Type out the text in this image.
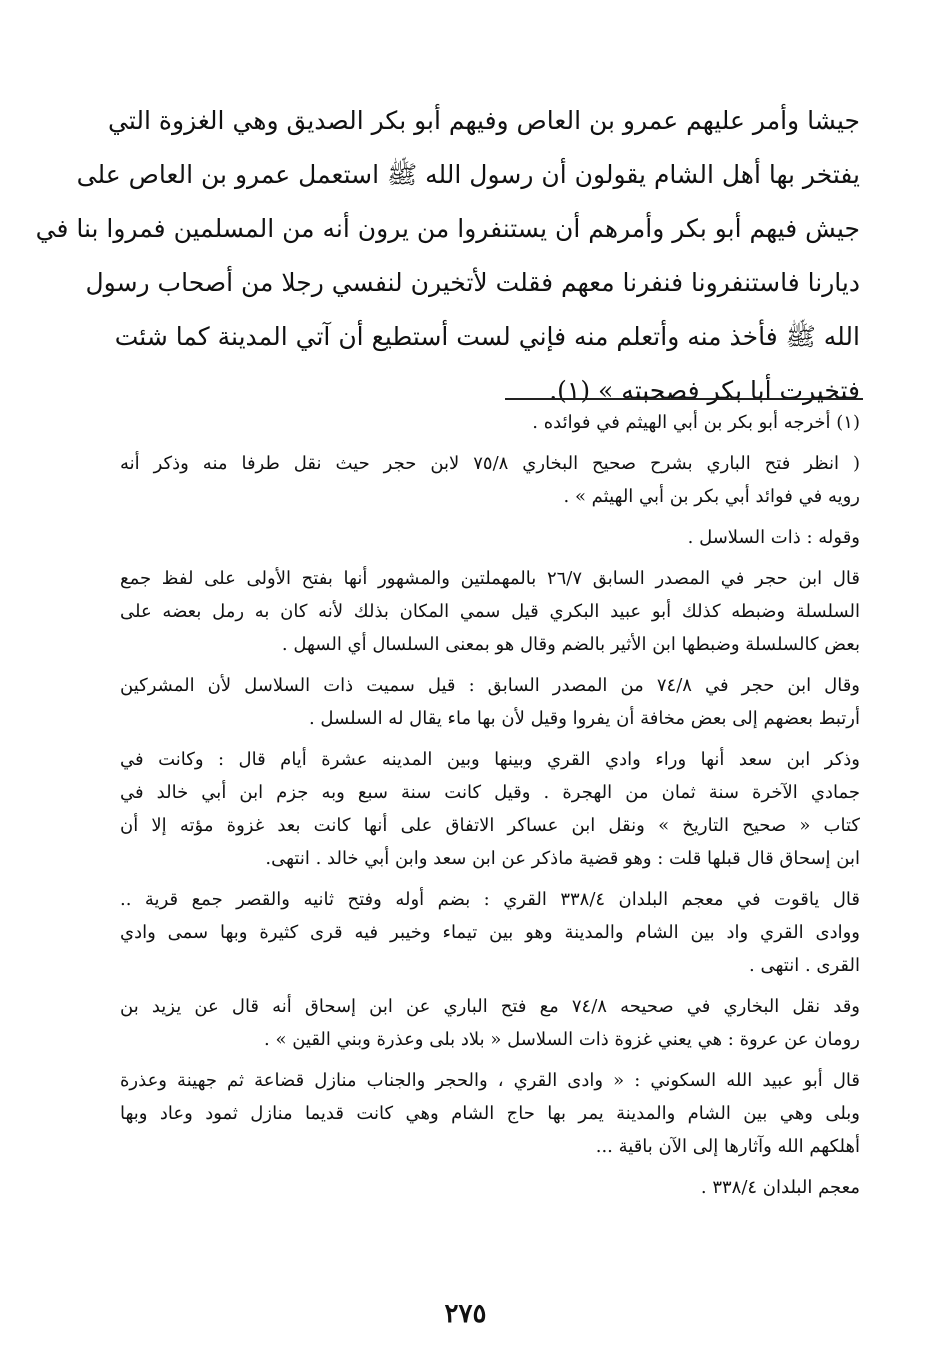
جيشا وأمر عليهم عمرو بن العاص وفيهم أبو بكر الصديق وهي الغزوة التي
يفتخر بها أهل الشام يقولون أن رسول الله ﷺ استعمل عمرو بن العاص على
جيش فيهم أبو بكر وأمرهم أن يستنفروا من يرون أنه من المسلمين فمروا بنا في
ديارنا فاستنفرونا فنفرنا معهم فقلت لأتخيرن لنفسي رجلا من أصحاب رسول
الله ﷺ فأخذ منه وأتعلم منه فإني لست أستطيع أن آتي المدينة كما شئت
فتخيرت أبا بكر فصحبته » (١).
(١) أخرجه أبو بكر بن أبي الهيثم في فوائده .
( انظر فتح الباري بشرح صحيح البخاري ٧٥/٨ لابن حجر حيث نقل طرفا منه وذكر أنه
رويه في فوائد أبي بكر بن أبي الهيثم » .
وقوله : ذات السلاسل .
قال ابن حجر في المصدر السابق ٢٦/٧ بالمهملتين والمشهور أنها بفتح الأولى على لفظ جمع
السلسلة وضبطه كذلك أبو عبيد البكري قيل سمي المكان بذلك لأنه كان به رمل بعضه على
بعض كالسلسلة وضبطها ابن الأثير بالضم وقال هو بمعنى السلسال أي السهل .
وقال ابن حجر في ٧٤/٨ من المصدر السابق : قيل سميت ذات السلاسل لأن المشركين
أرتبط بعضهم إلى بعض مخافة أن يفروا وقيل لأن بها ماء يقال له السلسل .
وذكر ابن سعد أنها وراء وادي القري وبينها وبين المدينه عشرة أيام قال : وكانت في
جمادي الآخرة سنة ثمان من الهجرة . وقيل كانت سنة سبع وبه جزم ابن أبي خالد في
كتاب « صحيح التاريخ » ونقل ابن عساكر الاتفاق على أنها كانت بعد غزوة مؤته إلا أن
ابن إسحاق قال قبلها قلت : وهو قضية ماذكر عن ابن سعد وابن أبي خالد . انتهى.
قال ياقوت في معجم البلدان ٣٣٨/٤ القري : بضم أوله وفتح ثانيه والقصر جمع قرية ..
ووادى القري واد بين الشام والمدينة وهو بين تيماء وخيبر فيه قرى كثيرة وبها سمى وادي
القرى . انتهى .
وقد نقل البخاري في صحيحه ٧٤/٨ مع فتح الباري عن ابن إسحاق أنه قال عن يزيد بن
رومان عن عروة : هي يعني غزوة ذات السلاسل « بلاد بلى وعذرة وبني القين » .
قال أبو عبيد الله السكوني : « وادى القري ، والحجر والجناب منازل قضاعة ثم جهينة وعذرة
وبلى وهي بين الشام والمدينة يمر بها حاج الشام وهي كانت قديما منازل ثمود وعاد وبها
أهلكهم الله وآثارها إلى الآن باقية ...
معجم البلدان ٣٣٨/٤ .
٢٧٥
